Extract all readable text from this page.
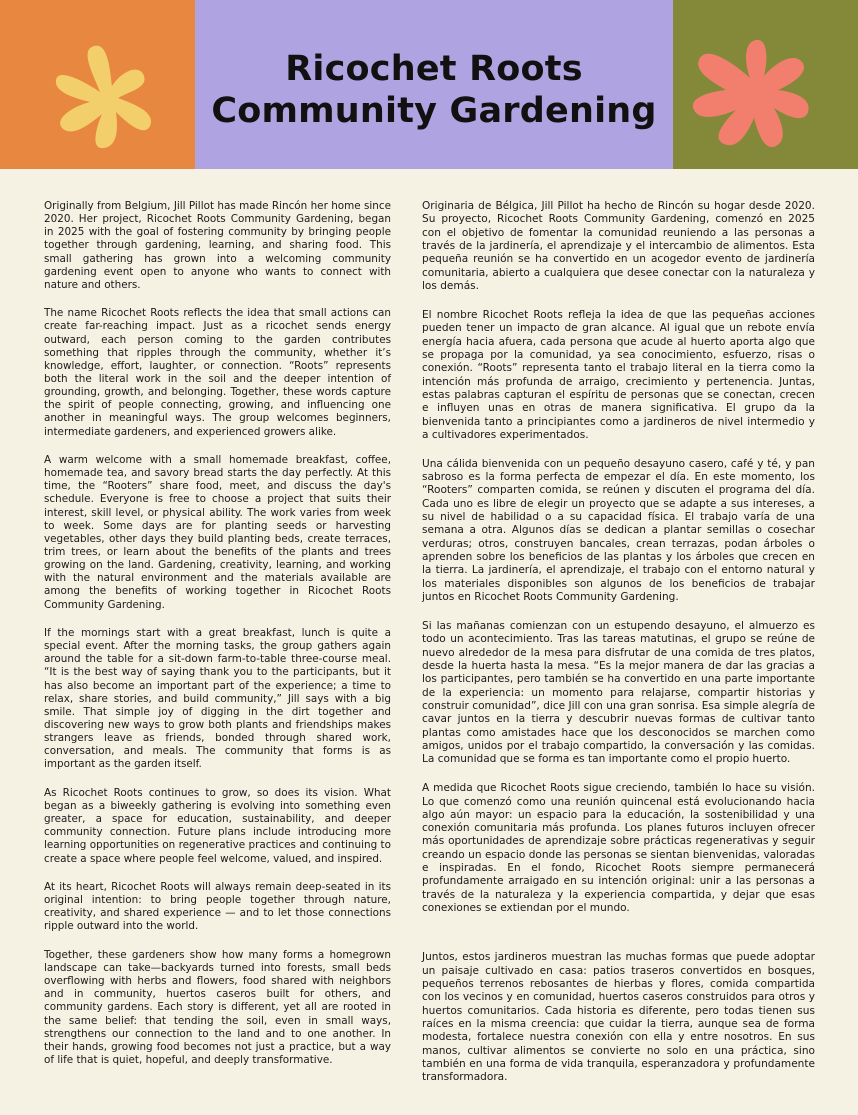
Ricochet Roots
Community Gardening

Originally from Belgium, Jill Pillot has made Rincón her home since 2020. Her project, Ricochet Roots Community Gardening, began in 2025 with the goal of fostering community by bringing people together through gardening, learning, and sharing food. This small gathering has grown into a welcoming community gardening event open to anyone who wants to connect with nature and others.

The name Ricochet Roots reflects the idea that small actions can create far-reaching impact. Just as a ricochet sends energy outward, each person coming to the garden contributes something that ripples through the community, whether it’s knowledge, effort, laughter, or connection. “Roots” represents both the literal work in the soil and the deeper intention of grounding, growth, and belonging. Together, these words capture the spirit of people connecting, growing, and influencing one another in meaningful ways. The group welcomes beginners, intermediate gardeners, and experienced growers alike.

A warm welcome with a small homemade breakfast, coffee, homemade tea, and savory bread starts the day perfectly. At this time, the “Rooters” share food, meet, and discuss the day's schedule. Everyone is free to choose a project that suits their interest, skill level, or physical ability. The work varies from week to week. Some days are for planting seeds or harvesting vegetables, other days they build planting beds, create terraces, trim trees, or learn about the benefits of the plants and trees growing on the land. Gardening, creativity, learning, and working with the natural environment and the materials available are among the benefits of working together in Ricochet Roots Community Gardening.

If the mornings start with a great breakfast, lunch is quite a special event. After the morning tasks, the group gathers again around the table for a sit-down farm-to-table three-course meal. “It is the best way of saying thank you to the participants, but it has also become an important part of the experience; a time to relax, share stories, and build community,” Jill says with a big smile. That simple joy of digging in the dirt together and discovering new ways to grow both plants and friendships makes strangers leave as friends, bonded through shared work, conversation, and meals. The community that forms is as important as the garden itself.

As Ricochet Roots continues to grow, so does its vision. What began as a biweekly gathering is evolving into something even greater, a space for education, sustainability, and deeper community connection. Future plans include introducing more learning opportunities on regenerative practices and continuing to create a space where people feel welcome, valued, and inspired.

At its heart, Ricochet Roots will always remain deep-seated in its original intention: to bring people together through nature, creativity, and shared experience — and to let those connections ripple outward into the world.

Together, these gardeners show how many forms a homegrown landscape can take—backyards turned into forests, small beds overflowing with herbs and flowers, food shared with neighbors and in community, huertos caseros built for others, and community gardens. Each story is different, yet all are rooted in the same belief: that tending the soil, even in small ways, strengthens our connection to the land and to one another. In their hands, growing food becomes not just a practice, but a way of life that is quiet, hopeful, and deeply transformative.

Originaria de Bélgica, Jill Pillot ha hecho de Rincón su hogar desde 2020. Su proyecto, Ricochet Roots Community Gardening, comenzó en 2025 con el objetivo de fomentar la comunidad reuniendo a las personas a través de la jardinería, el aprendizaje y el intercambio de alimentos. Esta pequeña reunión se ha convertido en un acogedor evento de jardinería comunitaria, abierto a cualquiera que desee conectar con la naturaleza y los demás.

El nombre Ricochet Roots refleja la idea de que las pequeñas acciones pueden tener un impacto de gran alcance. Al igual que un rebote envía energía hacia afuera, cada persona que acude al huerto aporta algo que se propaga por la comunidad, ya sea conocimiento, esfuerzo, risas o conexión. “Roots” representa tanto el trabajo literal en la tierra como la intención más profunda de arraigo, crecimiento y pertenencia. Juntas, estas palabras capturan el espíritu de personas que se conectan, crecen e influyen unas en otras de manera significativa. El grupo da la bienvenida tanto a principiantes como a jardineros de nivel intermedio y a cultivadores experimentados.

Una cálida bienvenida con un pequeño desayuno casero, café y té, y pan sabroso es la forma perfecta de empezar el día. En este momento, los “Rooters” comparten comida, se reúnen y discuten el programa del día. Cada uno es libre de elegir un proyecto que se adapte a sus intereses, a su nivel de habilidad o a su capacidad física. El trabajo varía de una semana a otra. Algunos días se dedican a plantar semillas o cosechar verduras; otros, construyen bancales, crean terrazas, podan árboles o aprenden sobre los beneficios de las plantas y los árboles que crecen en la tierra. La jardinería, el aprendizaje, el trabajo con el entorno natural y los materiales disponibles son algunos de los beneficios de trabajar juntos en Ricochet Roots Community Gardening.

Si las mañanas comienzan con un estupendo desayuno, el almuerzo es todo un acontecimiento. Tras las tareas matutinas, el grupo se reúne de nuevo alrededor de la mesa para disfrutar de una comida de tres platos, desde la huerta hasta la mesa. “Es la mejor manera de dar las gracias a los participantes, pero también se ha convertido en una parte importante de la experiencia: un momento para relajarse, compartir historias y construir comunidad”, dice Jill con una gran sonrisa. Esa simple alegría de cavar juntos en la tierra y descubrir nuevas formas de cultivar tanto plantas como amistades hace que los desconocidos se marchen como amigos, unidos por el trabajo compartido, la conversación y las comidas. La comunidad que se forma es tan importante como el propio huerto.

A medida que Ricochet Roots sigue creciendo, también lo hace su visión. Lo que comenzó como una reunión quincenal está evolucionando hacia algo aún mayor: un espacio para la educación, la sostenibilidad y una conexión comunitaria más profunda. Los planes futuros incluyen ofrecer más oportunidades de aprendizaje sobre prácticas regenerativas y seguir creando un espacio donde las personas se sientan bienvenidas, valoradas e inspiradas. En el fondo, Ricochet Roots siempre permanecerá profundamente arraigado en su intención original: unir a las personas a través de la naturaleza y la experiencia compartida, y dejar que esas conexiones se extiendan por el mundo.

Juntos, estos jardineros muestran las muchas formas que puede adoptar un paisaje cultivado en casa: patios traseros convertidos en bosques, pequeños terrenos rebosantes de hierbas y flores, comida compartida con los vecinos y en comunidad, huertos caseros construidos para otros y huertos comunitarios. Cada historia es diferente, pero todas tienen sus raíces en la misma creencia: que cuidar la tierra, aunque sea de forma modesta, fortalece nuestra conexión con ella y entre nosotros. En sus manos, cultivar alimentos se convierte no solo en una práctica, sino también en una forma de vida tranquila, esperanzadora y profundamente transformadora.
